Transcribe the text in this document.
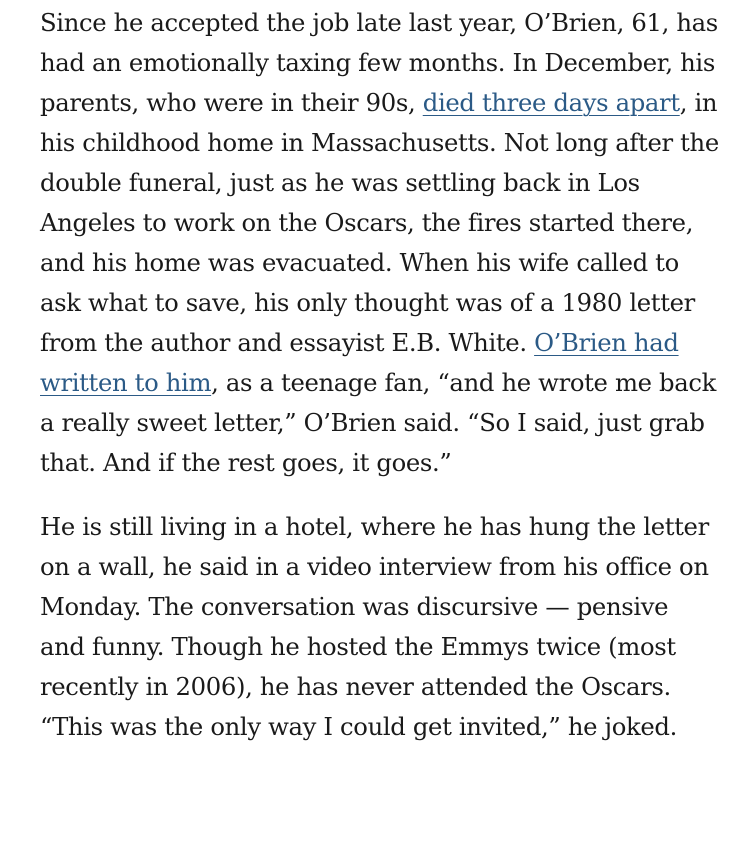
Since he accepted the job late last year, O’Brien, 61, has had an emotionally taxing few months. In December, his parents, who were in their 90s, died three days apart, in his childhood home in Massachusetts. Not long after the double funeral, just as he was settling back in Los Angeles to work on the Oscars, the fires started there, and his home was evacuated. When his wife called to ask what to save, his only thought was of a 1980 letter from the author and essayist E.B. White. O’Brien had written to him, as a teenage fan, “and he wrote me back a really sweet letter,” O’Brien said. “So I said, just grab that. And if the rest goes, it goes.”

He is still living in a hotel, where he has hung the letter on a wall, he said in a video interview from his office on Monday. The conversation was discursive — pensive and funny. Though he hosted the Emmys twice (most recently in 2006), he has never attended the Oscars. “This was the only way I could get invited,” he joked.
